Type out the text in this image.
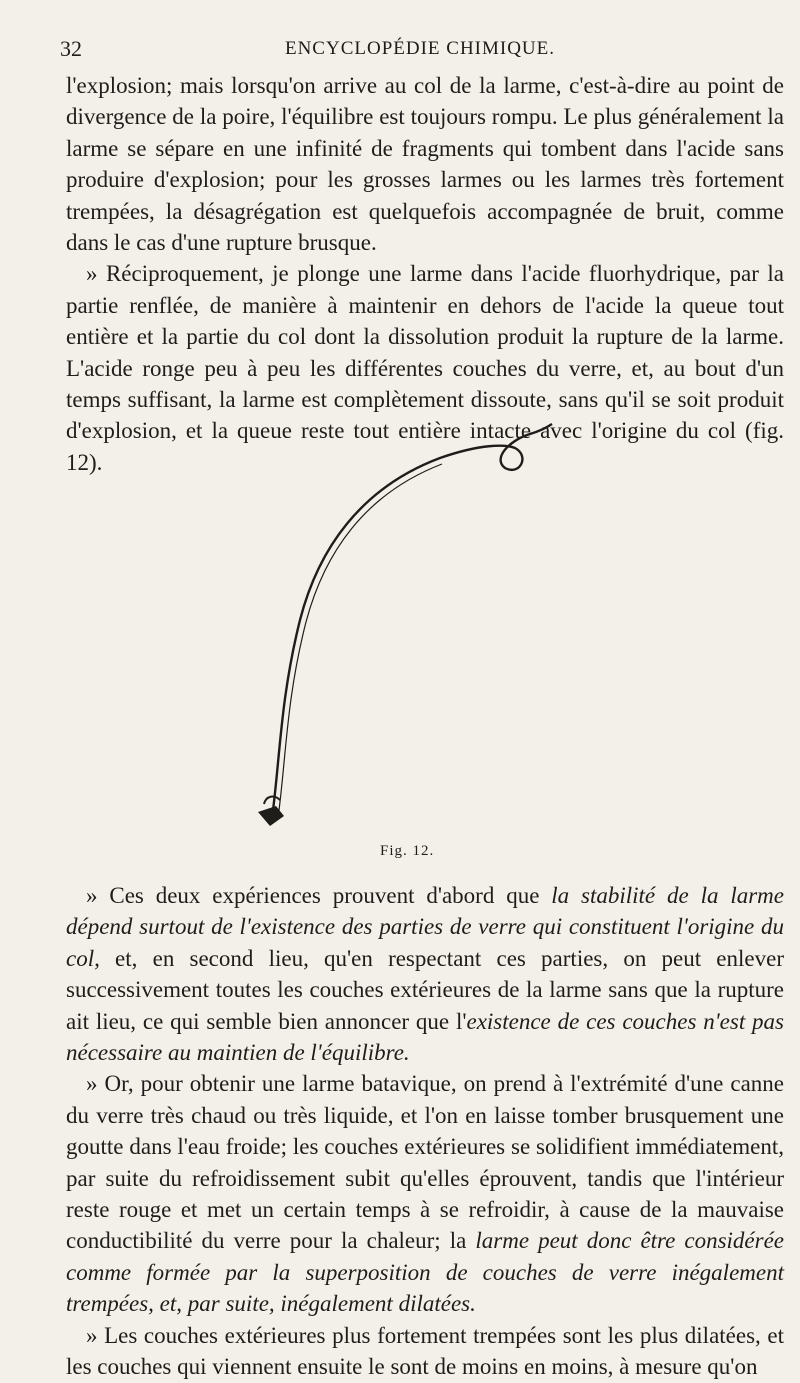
32	ENCYCLOPÉDIE CHIMIQUE.

l'explosion; mais lorsqu'on arrive au col de la larme, c'est-à-dire au point de divergence de la poire, l'équilibre est toujours rompu. Le plus généralement la larme se sépare en une infinité de fragments qui tombent dans l'acide sans produire d'explosion; pour les grosses larmes ou les larmes très fortement trempées, la désagrégation est quelquefois accompagnée de bruit, comme dans le cas d'une rupture brusque.

» Réciproquement, je plonge une larme dans l'acide fluorhydrique, par la partie renflée, de manière à maintenir en dehors de l'acide la queue tout entière et la partie du col dont la dissolution produit la rupture de la larme. L'acide ronge peu à peu les différentes couches du verre, et, au bout d'un temps suffisant, la larme est complètement dissoute, sans qu'il se soit produit d'explosion, et la queue reste tout entière intacte avec l'origine du col (fig. 12).

Fig. 12.

» Ces deux expériences prouvent d'abord que la stabilité de la larme dépend surtout de l'existence des parties de verre qui constituent l'origine du col, et, en second lieu, qu'en respectant ces parties, on peut enlever successivement toutes les couches extérieures de la larme sans que la rupture ait lieu, ce qui semble bien annoncer que l'existence de ces couches n'est pas nécessaire au maintien de l'équilibre.

» Or, pour obtenir une larme batavique, on prend à l'extrémité d'une canne du verre très chaud ou très liquide, et l'on en laisse tomber brusquement une goutte dans l'eau froide; les couches extérieures se solidifient immédiatement, par suite du refroidissement subit qu'elles éprouvent, tandis que l'intérieur reste rouge et met un certain temps à se refroidir, à cause de la mauvaise conductibilité du verre pour la chaleur; la larme peut donc être considérée comme formée par la superposition de couches de verre inégalement trempées, et, par suite, inégalement dilatées.

» Les couches extérieures plus fortement trempées sont les plus dilatées, et les couches qui viennent ensuite le sont de moins en moins, à mesure qu'on
